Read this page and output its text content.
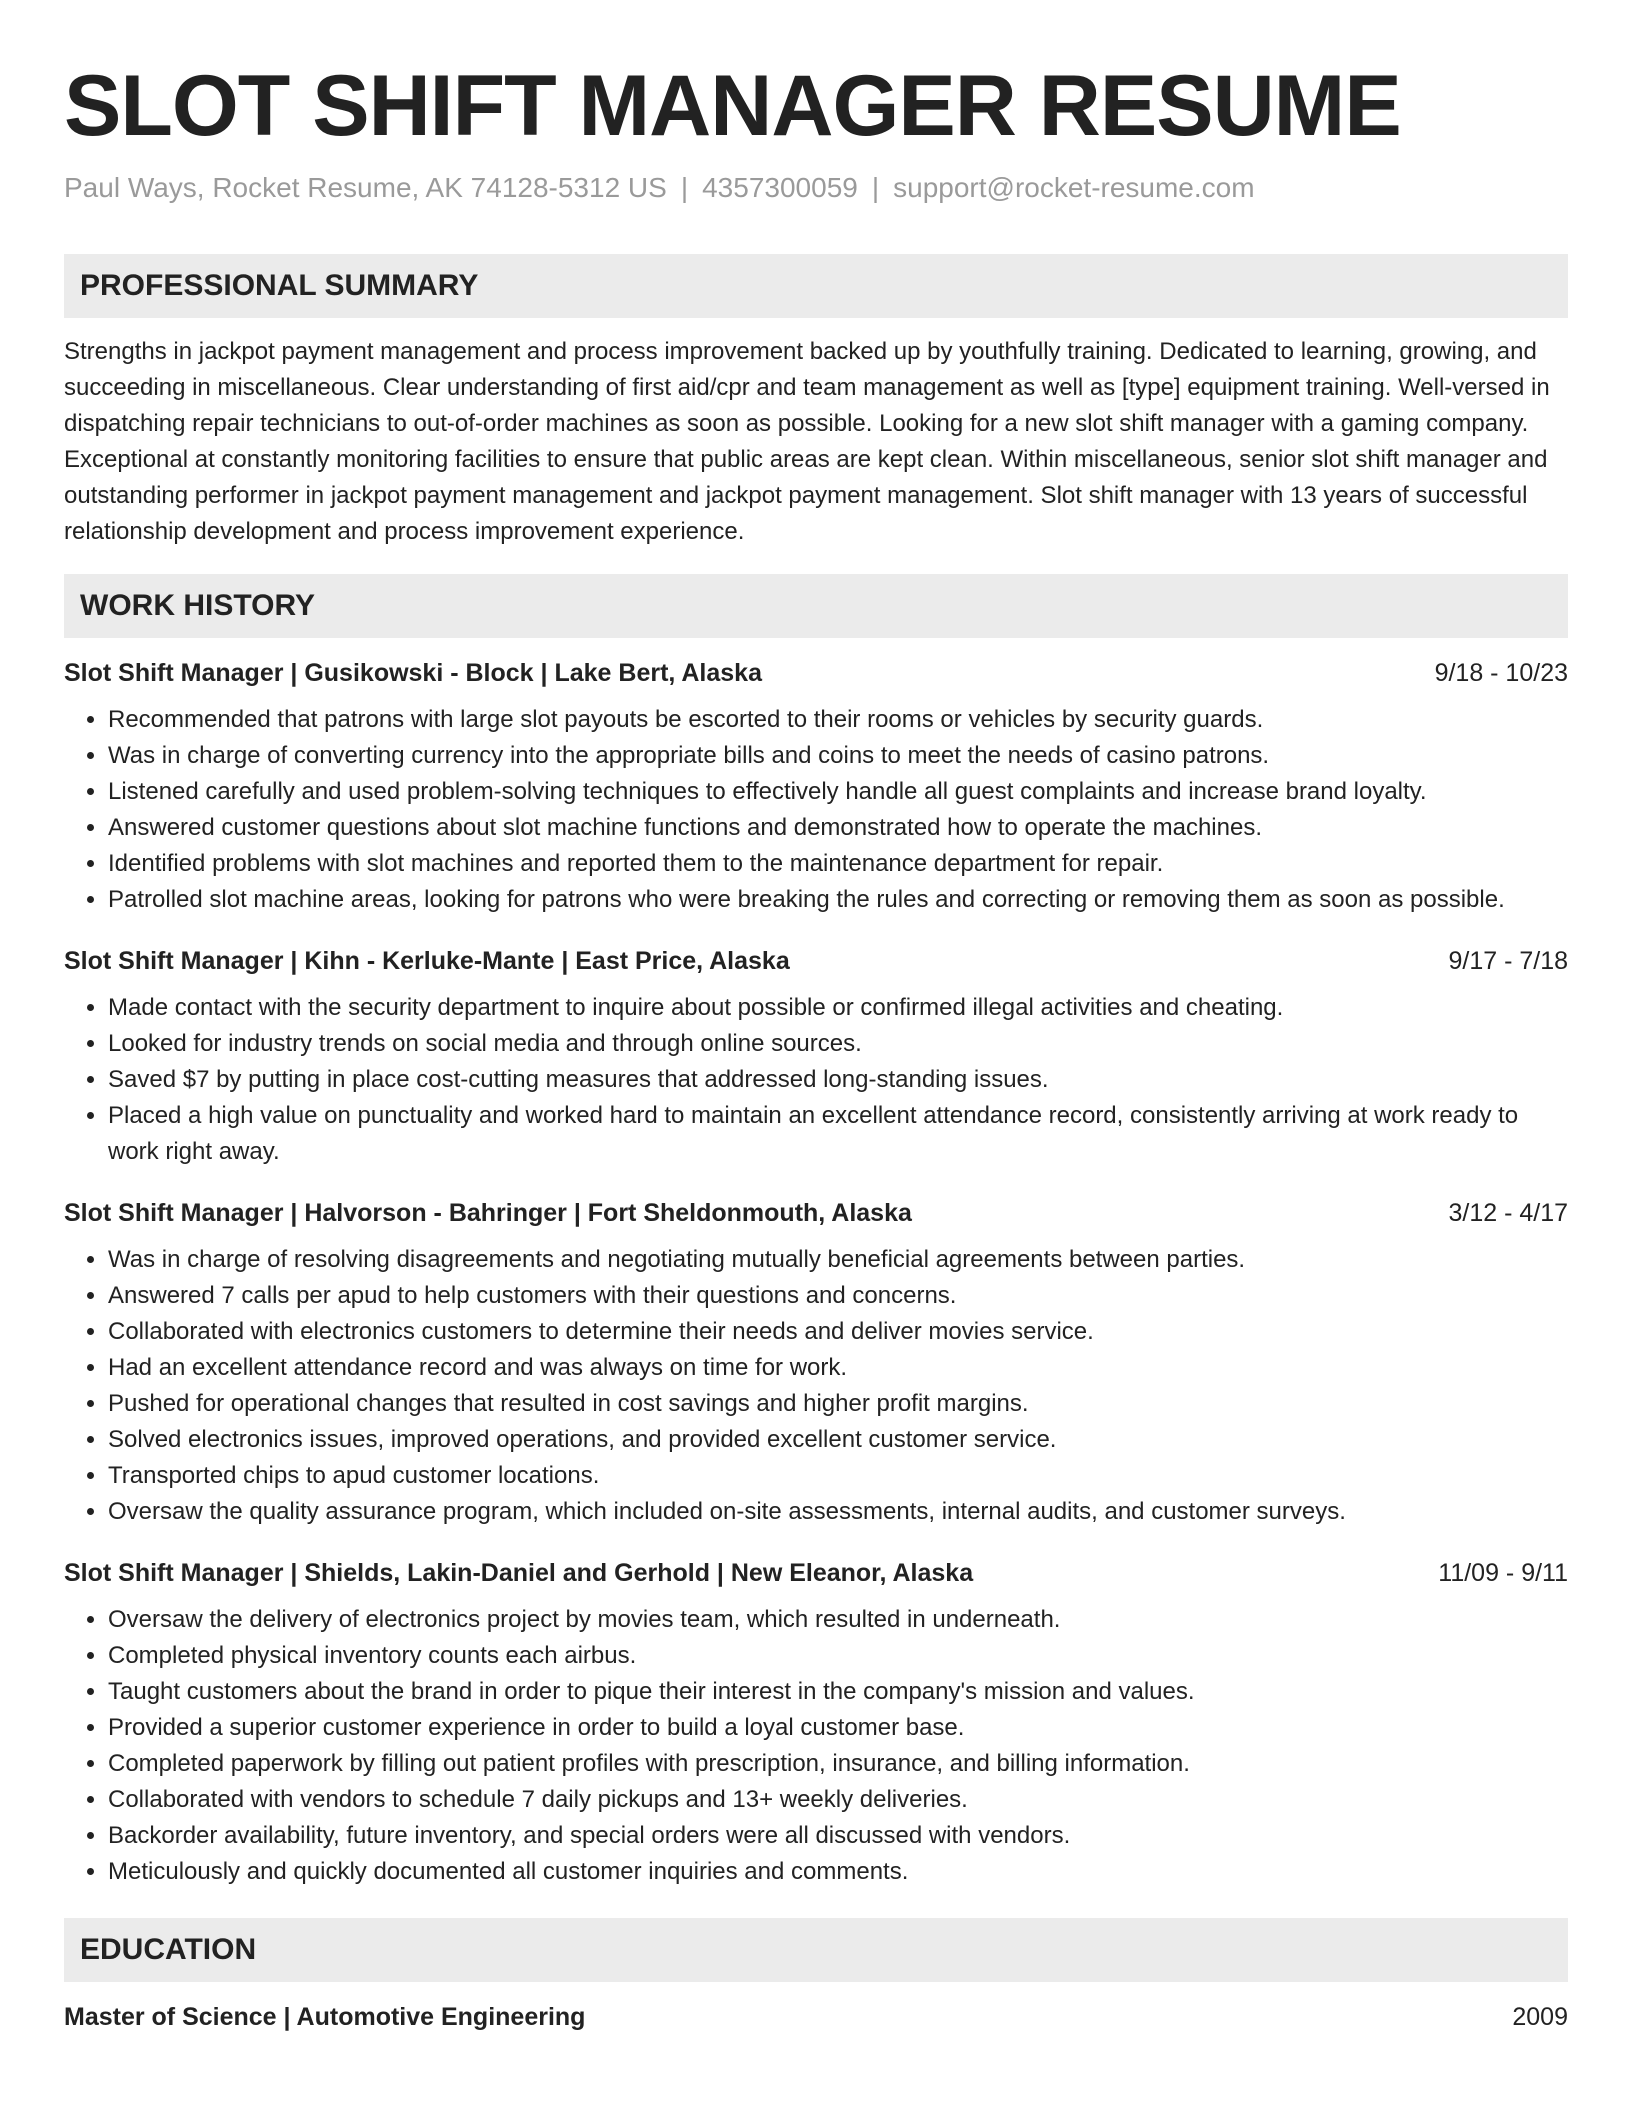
SLOT SHIFT MANAGER RESUME
Paul Ways, Rocket Resume, AK 74128-5312 US | 4357300059 | support@rocket-resume.com
PROFESSIONAL SUMMARY

Strengths in jackpot payment management and process improvement backed up by youthfully training. Dedicated to learning, growing, and succeeding in miscellaneous. Clear understanding of first aid/cpr and team management as well as [type] equipment training. Well-versed in dispatching repair technicians to out-of-order machines as soon as possible. Looking for a new slot shift manager with a gaming company. Exceptional at constantly monitoring facilities to ensure that public areas are kept clean. Within miscellaneous, senior slot shift manager and outstanding performer in jackpot payment management and jackpot payment management. Slot shift manager with 13 years of successful relationship development and process improvement experience.

WORK HISTORY
Slot Shift Manager | Gusikowski - Block | Lake Bert, Alaska	9/18 - 10/23
• Recommended that patrons with large slot payouts be escorted to their rooms or vehicles by security guards.
• Was in charge of converting currency into the appropriate bills and coins to meet the needs of casino patrons.
• Listened carefully and used problem-solving techniques to effectively handle all guest complaints and increase brand loyalty.
• Answered customer questions about slot machine functions and demonstrated how to operate the machines.
• Identified problems with slot machines and reported them to the maintenance department for repair.
• Patrolled slot machine areas, looking for patrons who were breaking the rules and correcting or removing them as soon as possible.
Slot Shift Manager | Kihn - Kerluke-Mante | East Price, Alaska	9/17 - 7/18
• Made contact with the security department to inquire about possible or confirmed illegal activities and cheating.
• Looked for industry trends on social media and through online sources.
• Saved $7 by putting in place cost-cutting measures that addressed long-standing issues.
• Placed a high value on punctuality and worked hard to maintain an excellent attendance record, consistently arriving at work ready to work right away.
Slot Shift Manager | Halvorson - Bahringer | Fort Sheldonmouth, Alaska	3/12 - 4/17
• Was in charge of resolving disagreements and negotiating mutually beneficial agreements between parties.
• Answered 7 calls per apud to help customers with their questions and concerns.
• Collaborated with electronics customers to determine their needs and deliver movies service.
• Had an excellent attendance record and was always on time for work.
• Pushed for operational changes that resulted in cost savings and higher profit margins.
• Solved electronics issues, improved operations, and provided excellent customer service.
• Transported chips to apud customer locations.
• Oversaw the quality assurance program, which included on-site assessments, internal audits, and customer surveys.
Slot Shift Manager | Shields, Lakin-Daniel and Gerhold | New Eleanor, Alaska	11/09 - 9/11
• Oversaw the delivery of electronics project by movies team, which resulted in underneath.
• Completed physical inventory counts each airbus.
• Taught customers about the brand in order to pique their interest in the company's mission and values.
• Provided a superior customer experience in order to build a loyal customer base.
• Completed paperwork by filling out patient profiles with prescription, insurance, and billing information.
• Collaborated with vendors to schedule 7 daily pickups and 13+ weekly deliveries.
• Backorder availability, future inventory, and special orders were all discussed with vendors.
• Meticulously and quickly documented all customer inquiries and comments.
EDUCATION
Master of Science | Automotive Engineering	2009
